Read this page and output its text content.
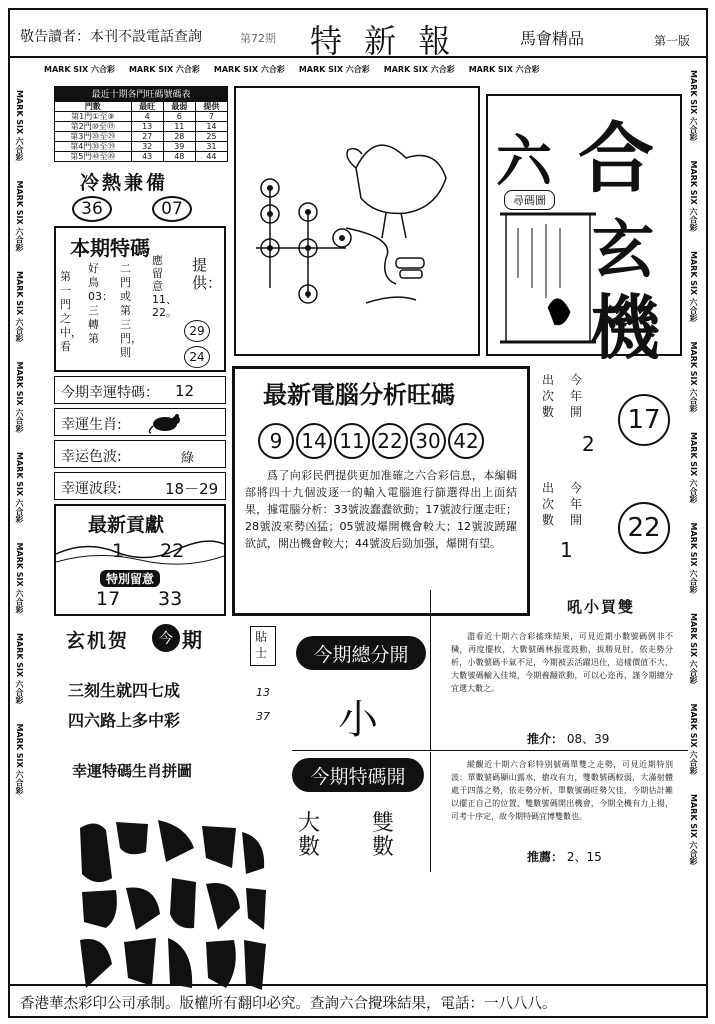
敬告讀者：本刊不設電話查詢	第72期 特 新 報	馬會精品	第一版
MARK SIX 六合彩 MARK SIX 六合彩 MARK SIX 六合彩 MARK SIX 六合彩 MARK SIX 六合彩 MARK SIX 六合彩
MARK SIX 六合彩       MARK SIX 六合彩       MARK SIX 六合彩       MARK SIX 六合彩       MARK SIX 六合彩       MARK SIX 六合彩       MARK SIX 六合彩       MARK SIX 六合彩
MARK SIX 六合彩       MARK SIX 六合彩       MARK SIX 六合彩       MARK SIX 六合彩       MARK SIX 六合彩       MARK SIX 六合彩       MARK SIX 六合彩       MARK SIX 六合彩       MARK SIX 六合彩
最近十期各門旺碼號碼表
門數	最旺	最弱	提供
第1門①至⑨	4	6	7
第2門⑩至⑲	13	11	14
第3門⑳至㉙	27	28	25
第4門㉚至㊴	32	39	31
第5門㊵至㊾	43	48	44
冷熱兼備
36	07
本期特碼
第一門之中，看
好鳥03：三轉第
二門或第三門，則
應留意11、22。
提供：
29
24
今期幸運特碼： 12
幸運生肖:
幸运色波:	綠
幸運波段:	18－29
最新貢獻
1 22
特別留意
17 33
六 合
玄
機
尋碼圖
最新電腦分析旺碼
9 14 11 22 30 42
爲了向彩民們提供更加准確之六合彩信息，本編輯部將四十九個波逐一的輸入電腦進行篩選得出上面結果，據電腦分析：33號波蠢蠢欲動；17號波行運走旺；28號波來勢凶猛；05號波爆開機會較大；12號波踴躍欲試，開出機會較大；44號波后勁加强，爆開有望。
出次數
今年開
2
17
出次數
今年開
1
22
玄机贺 今 期
三刻生就四七成
四六路上多中彩
貼士
13
37
幸運特碼生肖拼圖
今期總分開
小
今期特碼開
大數
雙數
吼小買雙
盡看近十期六合彩搖珠結果，可見近期小數號碼例非不穢，再度擺枚，大數號碼林振霆鼓動，拔勝見肘，依走勢分析，小數號碼卡氣不足，今期被丟活躍迅仕，這樣價值不大，大數號碼輸入佳境，今期養翻欲動，可以心迩再，謹今期總分宜選大數之。
推介： 08、39
縱觀近十期六合彩特别號碼單雙之走勢，可見近期特别波：單數號碼顯山露水，搶攻有力，雙數號碼較弱，大滿射體處于四落之勢，依走勢分析，單數號碼旺勢欠佳，今期估計難以擺正自己的位置，雙數號碼開出機會，今期全機有力上揚，可考十序定，故今期特碼宜博雙數也。
推薦： 2、15
香港華杰彩印公司承制。版權所有翻印必究。查詢六合攪珠結果，電話：一八八八。
